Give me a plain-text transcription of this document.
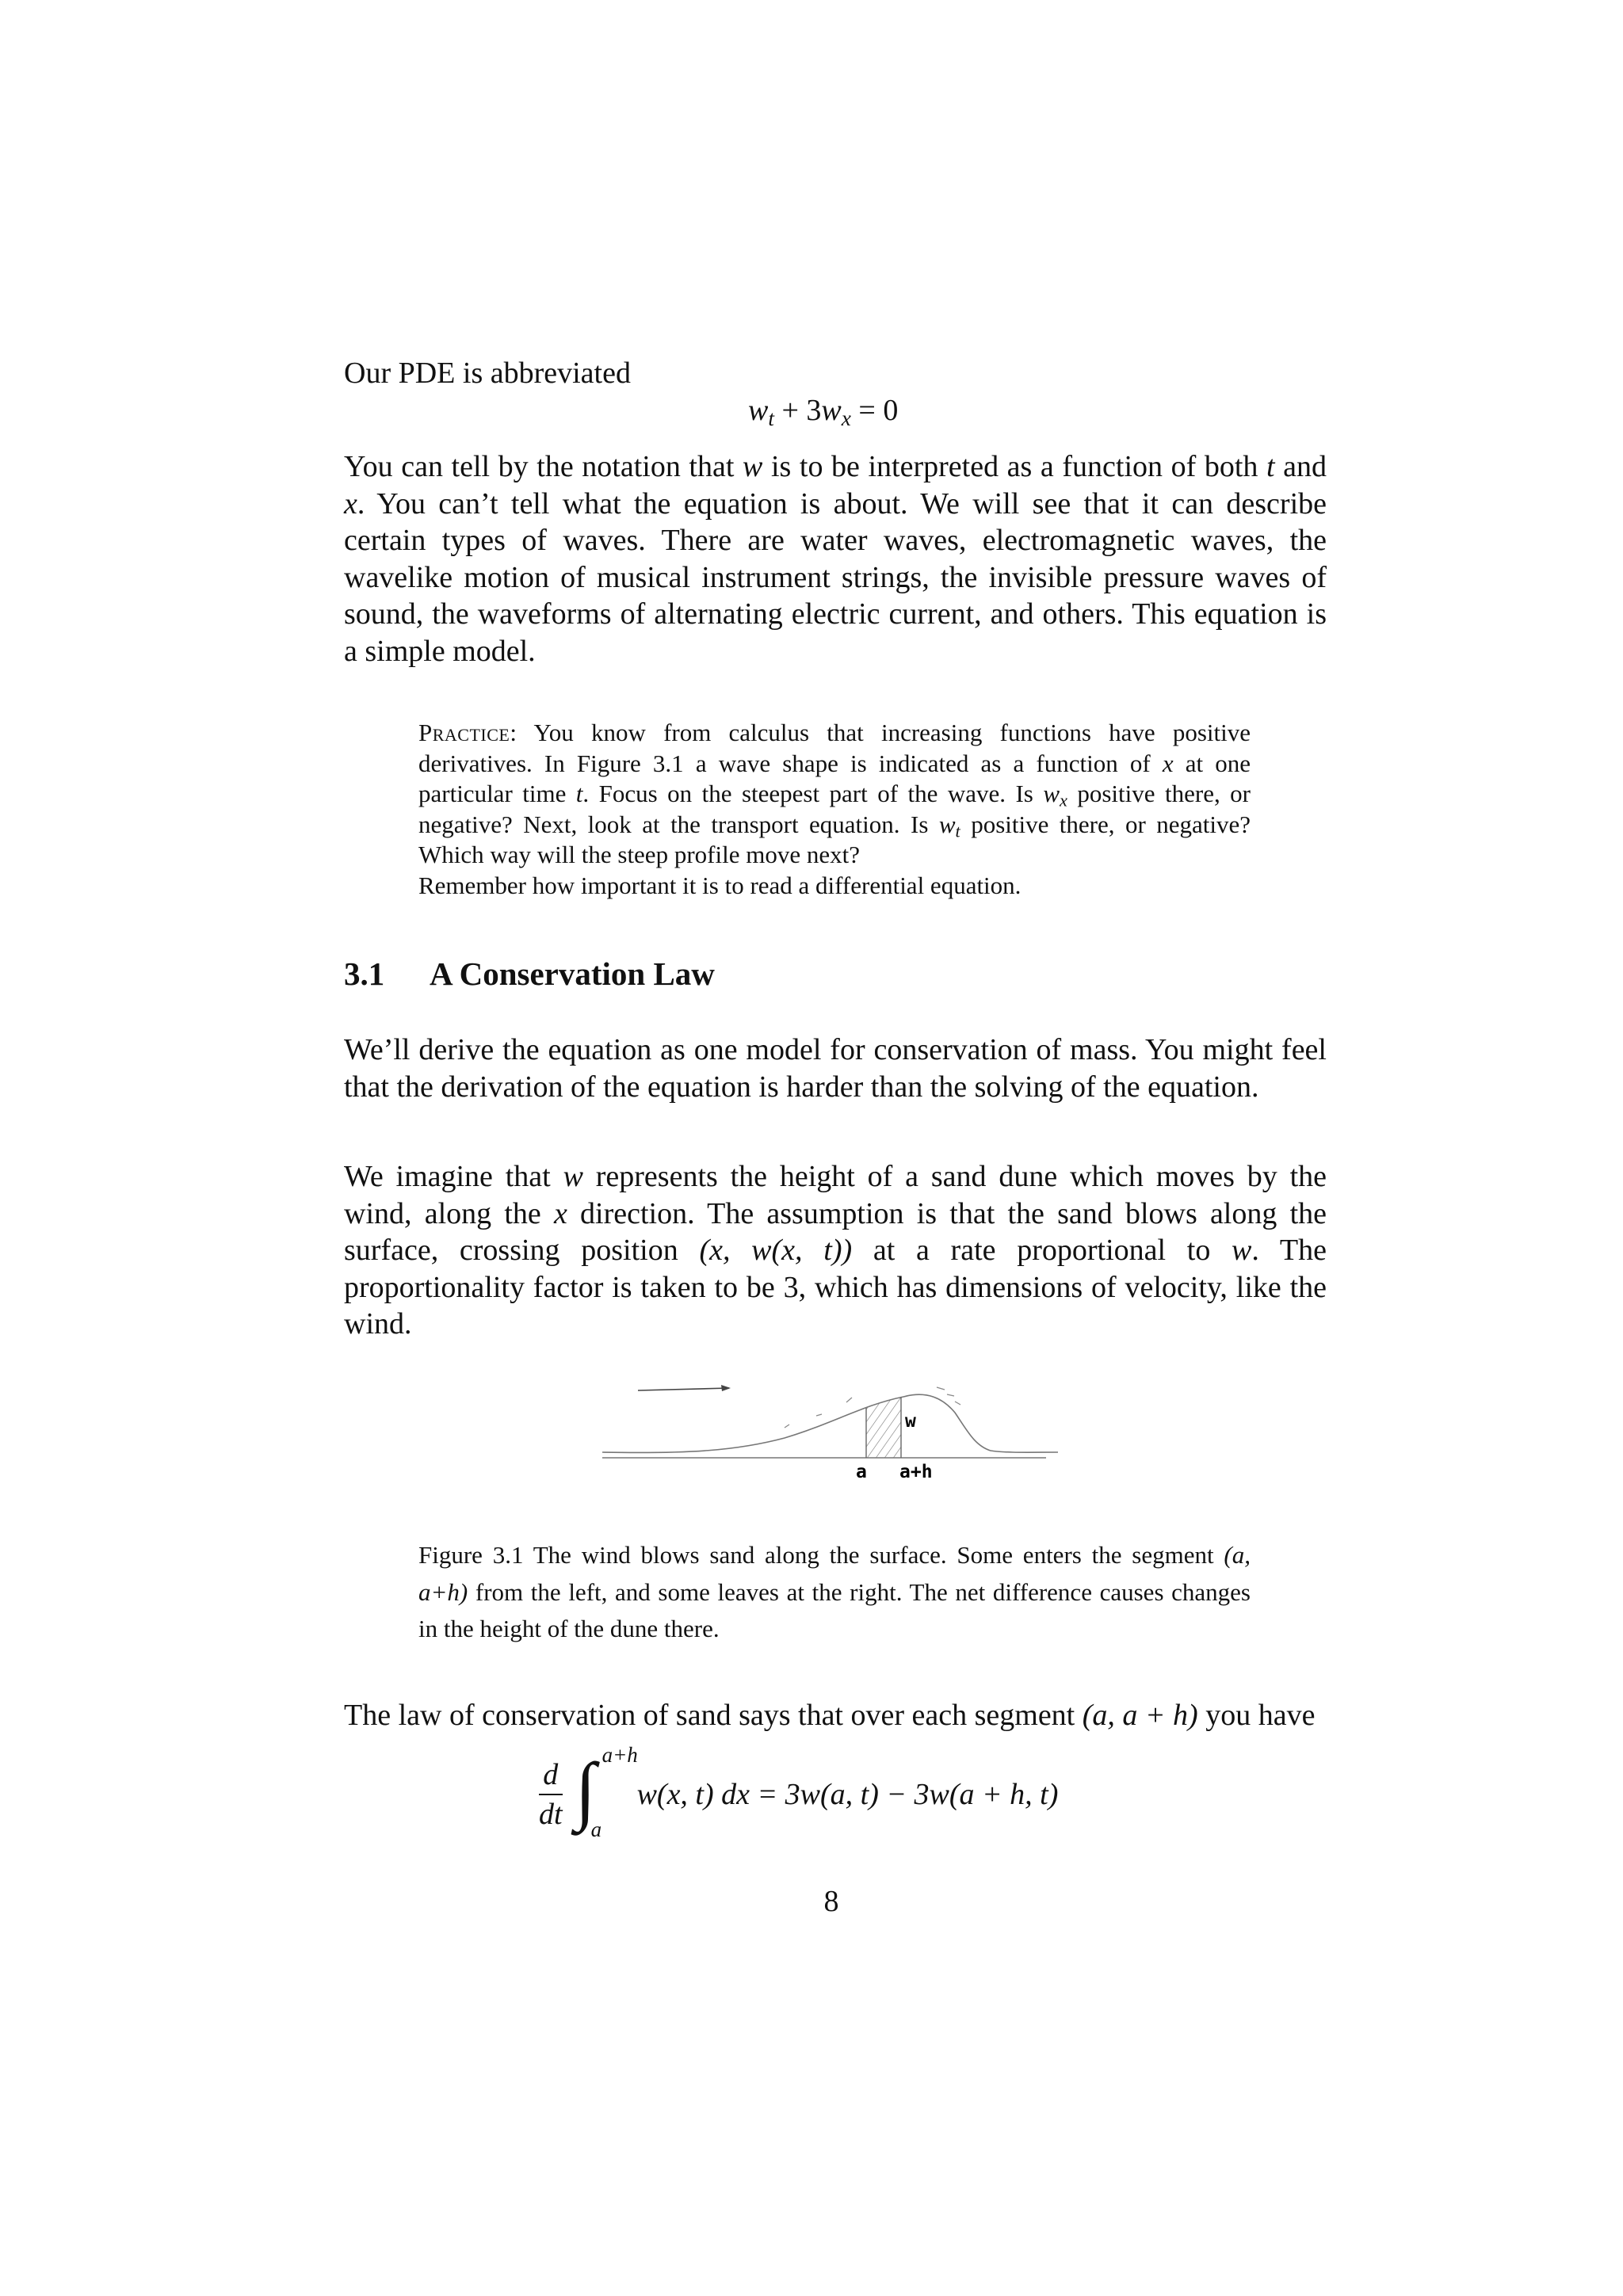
Our PDE is abbreviated

$w_t + 3w_x = 0$

You can tell by the notation that w is to be interpreted as a function of both t and x. You can’t tell what the equation is about. We will see that it can describe certain types of waves. There are water waves, electromagnetic waves, the wavelike motion of musical instrument strings, the invisible pressure waves of sound, the waveforms of alternating electric current, and others. This equation is a simple model.

Practice: You know from calculus that increasing functions have positive derivatives. In Figure 3.1 a wave shape is indicated as a function of x at one particular time t. Focus on the steepest part of the wave. Is $w_x$ positive there, or negative? Next, look at the transport equation. Is $w_t$ positive there, or negative? Which way will the steep profile move next?
Remember how important it is to read a differential equation.
3.1 A Conservation Law

We’ll derive the equation as one model for conservation of mass. You might feel that the derivation of the equation is harder than the solving of the equation.

We imagine that w represents the height of a sand dune which moves by the wind, along the x direction. The assumption is that the sand blows along the surface, crossing position (x, w(x, t)) at a rate proportional to w. The proportionality factor is taken to be 3, which has dimensions of velocity, like the wind.

w
a a+h
Figure 3.1 The wind blows sand along the surface. Some enters the segment (a, a+h) from the left, and some leaves at the right. The net difference causes changes in the height of the dune there.

The law of conservation of sand says that over each segment (a, a + h) you have

$\frac{d}{dt}$ ∫ a+h
a
w(x, t) dx = 3w(a, t) − 3w(a + h, t)
8
